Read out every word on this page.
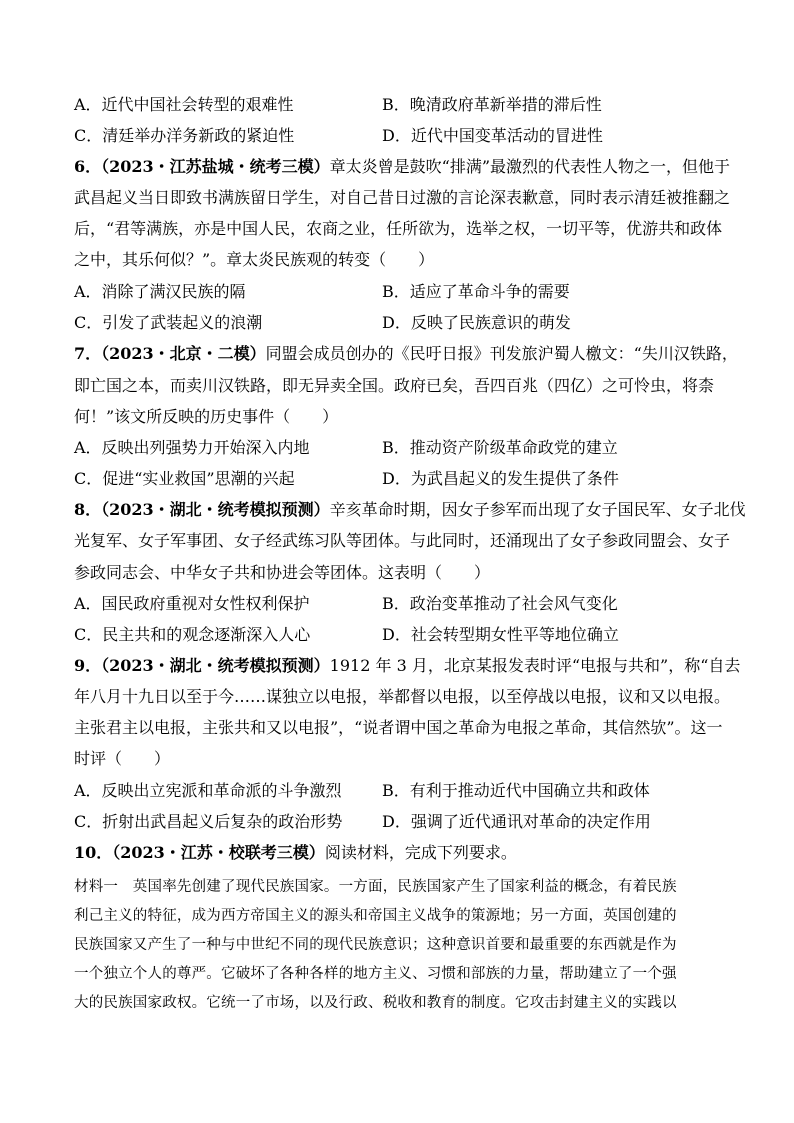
A．近代中国社会转型的艰难性	B．晚清政府革新举措的滞后性
C．清廷举办洋务新政的紧迫性	D．近代中国变革活动的冒进性
6．（2023・江苏盐城・统考三模）章太炎曾是鼓吹“排满”最激烈的代表性人物之一，但他于
武昌起义当日即致书满族留日学生，对自己昔日过激的言论深表歉意，同时表示清廷被推翻之
后，“君等满族，亦是中国人民，农商之业，任所欲为，选举之权，一切平等，优游共和政体
之中，其乐何似？”。章太炎民族观的转变（　　）
A．消除了满汉民族的隔	B．适应了革命斗争的需要
C．引发了武装起义的浪潮	D．反映了民族意识的萌发
7．（2023・北京・二模）同盟会成员创办的《民吁日报》刊发旅沪蜀人檄文：“失川汉铁路，
即亡国之本，而卖川汉铁路，即无异卖全国。政府已矣，吾四百兆（四亿）之可怜虫，将柰
何！”该文所反映的历史事件（　　）
A．反映出列强势力开始深入内地	B．推动资产阶级革命政党的建立
C．促进“实业救国”思潮的兴起	D．为武昌起义的发生提供了条件
8．（2023・湖北・统考模拟预测）辛亥革命时期，因女子参军而出现了女子国民军、女子北伐
光复军、女子军事团、女子经武练习队等团体。与此同时，还涌现出了女子参政同盟会、女子
参政同志会、中华女子共和协进会等团体。这表明（　　）
A．国民政府重视对女性权利保护	B．政治变革推动了社会风气变化
C．民主共和的观念逐渐深入人心	D．社会转型期女性平等地位确立
9．（2023・湖北・统考模拟预测）1912 年 3 月，北京某报发表时评“电报与共和”，称“自去
年八月十九日以至于今……谋独立以电报，举都督以电报，以至停战以电报，议和又以电报。
主张君主以电报，主张共和又以电报”，“说者谓中国之革命为电报之革命，其信然欤”。这一
时评（　　）
A．反映出立宪派和革命派的斗争激烈	B．有利于推动近代中国确立共和政体
C．折射出武昌起义后复杂的政治形势 D．强调了近代通讯对革命的决定作用
10．（2023・江苏・校联考三模）阅读材料，完成下列要求。
材料一　英国率先创建了现代民族国家。一方面，民族国家产生了国家利益的概念，有着民族
利己主义的特征，成为西方帝国主义的源头和帝国主义战争的策源地；另一方面，英国创建的
民族国家又产生了一种与中世纪不同的现代民族意识；这种意识首要和最重要的东西就是作为
一个独立个人的尊严。它破坏了各种各样的地方主义、习惯和部族的力量，帮助建立了一个强
大的民族国家政权。它统一了市场，以及行政、税收和教育的制度。它攻击封建主义的实践以
